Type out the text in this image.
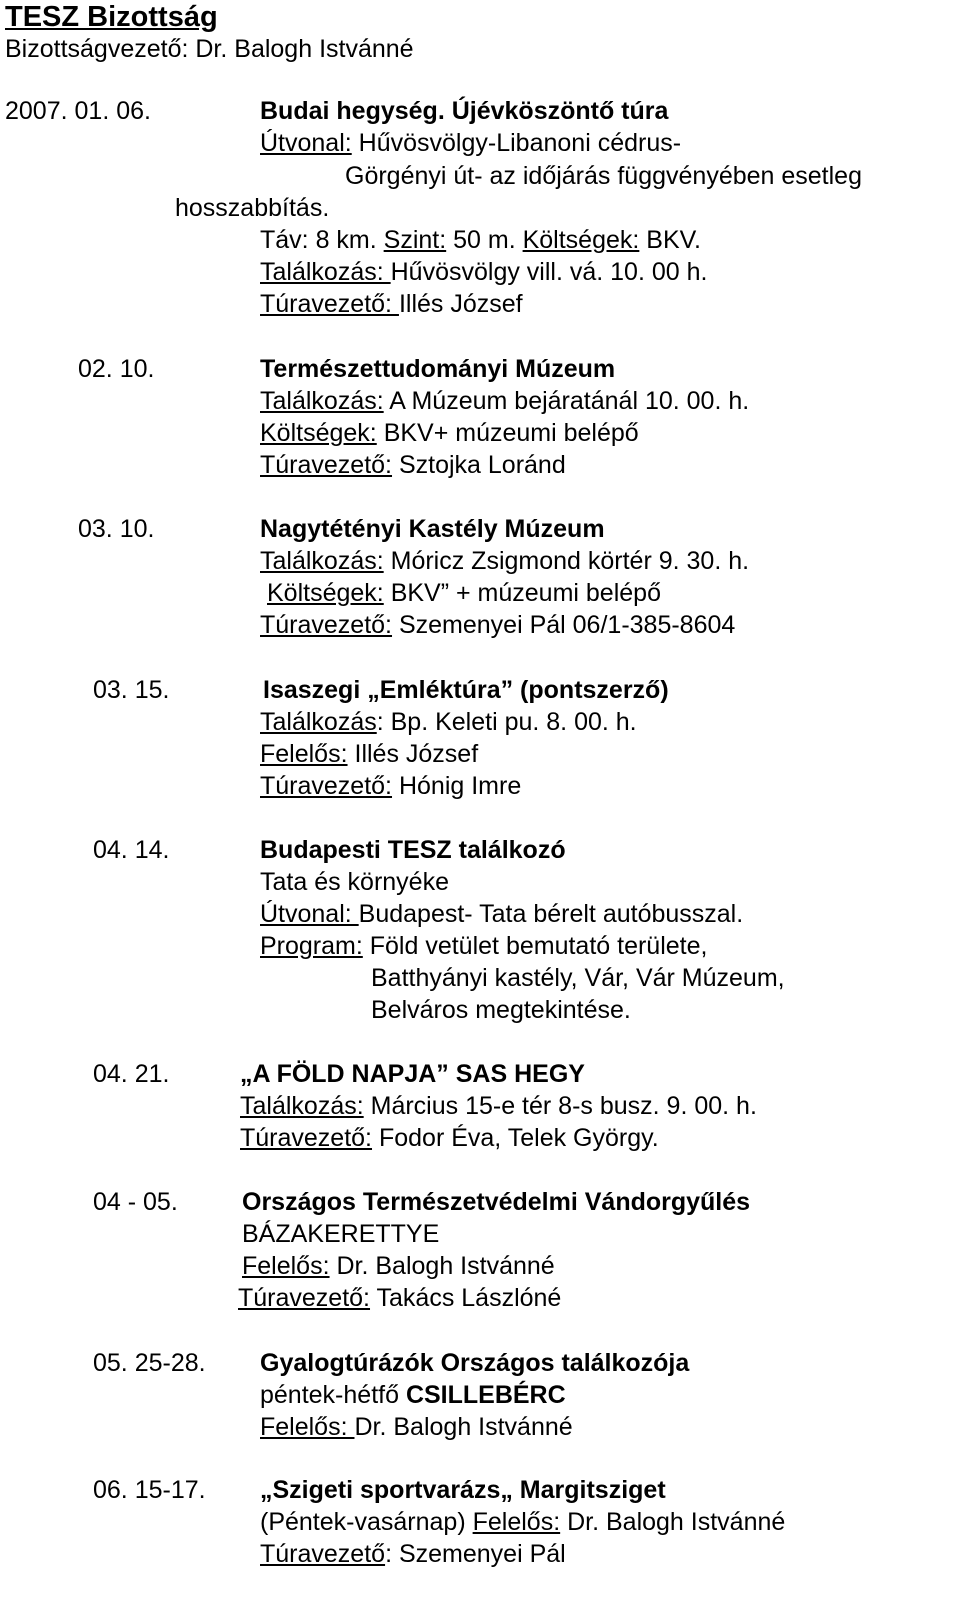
TESZ Bizottság
Bizottságvezető: Dr. Balogh Istvánné
2007. 01. 06.	Budai hegység. Újévköszöntő túra
Útvonal: Hűvösvölgy-Libanoni cédrus-
Görgényi út- az időjárás függvényében esetleg
hosszabbítás.
Táv: 8 km. Szint: 50 m. Költségek: BKV.
Találkozás: Hűvösvölgy vill. vá. 10. 00 h.
Túravezető: Illés József
02. 10.	Természettudományi Múzeum
Találkozás: A Múzeum bejáratánál 10. 00. h.
Költségek: BKV+ múzeumi belépő
Túravezető: Sztojka Loránd
03. 10.	Nagytétényi Kastély Múzeum
Találkozás: Móricz Zsigmond körtér 9. 30. h.
Költségek: BKV” + múzeumi belépő
Túravezető: Szemenyei Pál 06/1-385-8604
03. 15.	Isaszegi „Emléktúra” (pontszerző)
Találkozás: Bp. Keleti pu. 8. 00. h.
Felelős: Illés József
Túravezető: Hónig Imre
04. 14.	Budapesti TESZ találkozó
Tata és környéke
Útvonal: Budapest- Tata bérelt autóbusszal.
Program: Föld vetület bemutató területe,
Batthyányi kastély, Vár, Vár Múzeum,
Belváros megtekintése.
04. 21.	„A FÖLD NAPJA” SAS HEGY
Találkozás: Március 15-e tér 8-s busz. 9. 00. h.
Túravezető: Fodor Éva, Telek György.
04 - 05.	Országos Természetvédelmi Vándorgyűlés
BÁZAKERETTYE
Felelős: Dr. Balogh Istvánné
Túravezető: Takács Lászlóné
05. 25-28. Gyalogtúrázók Országos találkozója
péntek-hétfő CSILLEBÉRC
Felelős: Dr. Balogh Istvánné
06. 15-17. „Szigeti sportvarázs„ Margitsziget
(Péntek-vasárnap) Felelős: Dr. Balogh Istvánné
Túravezető: Szemenyei Pál
